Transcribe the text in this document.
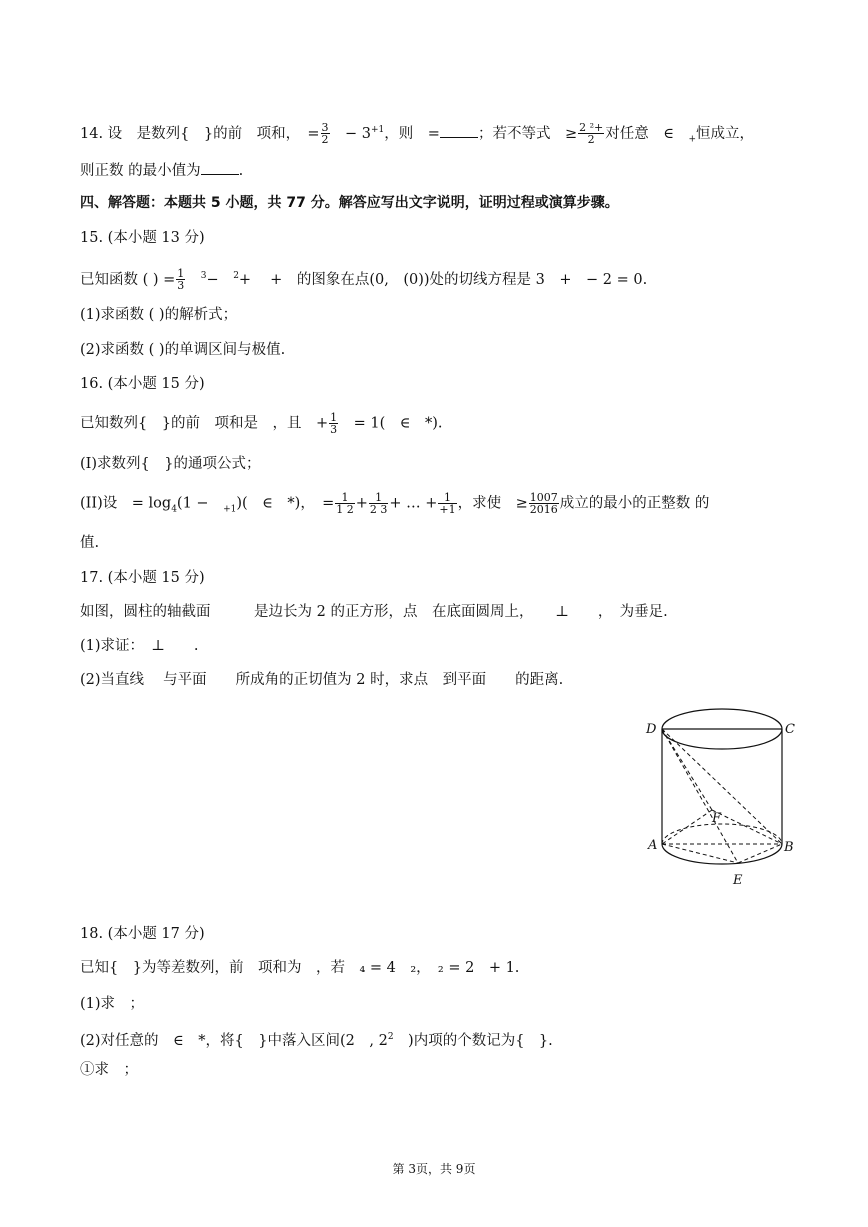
14. 设　是数列{　}的前　项和，　= $\frac{3}{2}$ 　− $3^{+1}$，则　=	；若不等式　≥ $\frac{\text{2 ²+}}{2}$ 对任意　∈　$_+$恒成立，
则正数 的最小值为	.
四、解答题：本题共 5 小题，共 77 分。解答应写出文字说明，证明过程或演算步骤。
15. (本小题 13 分)
已知函数 ( ) = $\frac{1}{3}$
　 $^3$−　$^2$+　 +　的图象在点(0,　(0))处的切线方程是 3　+　− 2 = 0.
(1)求函数 ( )的解析式；
(2)求函数 ( )的单调区间与极值.
16. (本小题 15 分)
已知数列{　}的前　项和是　，且　+ $\frac{1}{3}$ 　= 1(　∈　*).
(I)求数列{　}的通项公式；
(II)设　= $\log_4(1$ −　$_{+1}$)(　∈　*)，　= $\frac{1}{1 2} + \frac{1}{2 3}$ + … + $\frac{1}{+1}$ ，求使　≥ $\frac{1007}{2016}$ 成立的最小的正整数 的
值.
17. (本小题 15 分)
如图，圆柱的轴截面　　　是边长为 2 的正方形，点　在底面圆周上，　　⊥　　，　为垂足.
(1)求证：　⊥　　.
(2)当直线　 与平面　　所成角的正切值为 2 时，求点　到平面　　的距离.
D	C
A	B
E
F
18. (本小题 17 分)
已知{　}为等差数列，前　项和为　，若　₄ = 4　₂，　₂ = 2　+ 1.
(1)求　；
(2)对任意的　∈　*，将{　}中落入区间(2　, $2^2$　)内项的个数记为{　}.
①求　；
第 3页，共 9页
